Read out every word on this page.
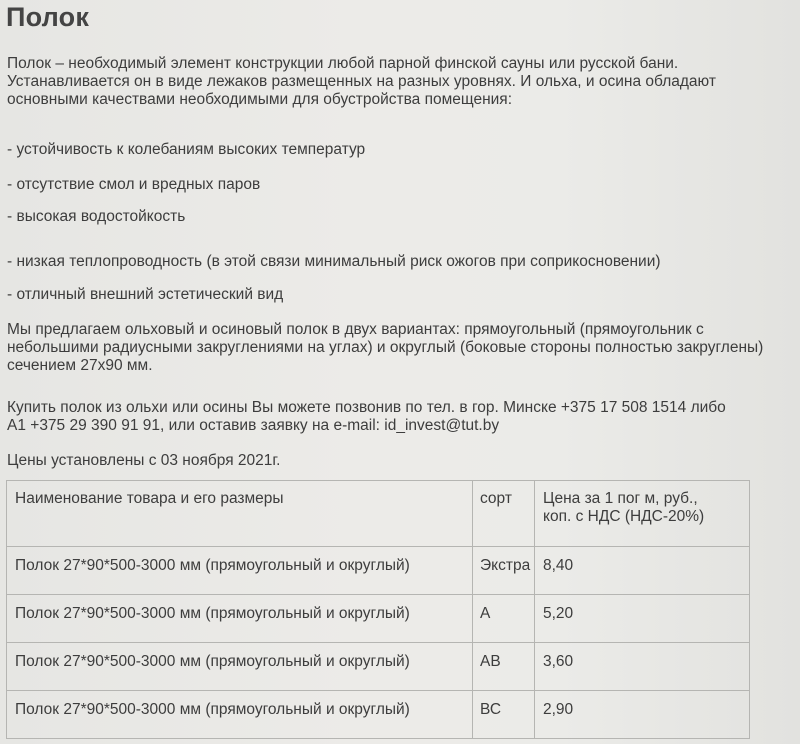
Полок
Полок – необходимый элемент конструкции любой парной финской сауны или русской бани.
Устанавливается он в виде лежаков размещенных на разных уровнях. И ольха, и осина обладают
основными качествами необходимыми для обустройства помещения:
- устойчивость к колебаниям высоких температур
- отсутствие смол и вредных паров
- высокая водостойкость
- низкая теплопроводность (в этой связи минимальный риск ожогов при соприкосновении)
- отличный внешний эстетический вид
Мы предлагаем ольховый и осиновый полок в двух вариантах: прямоугольный (прямоугольник с
небольшими радиусными закруглениями на углах) и округлый (боковые стороны полностью закруглены)
сечением 27x90 мм.
Купить полок из ольхи или осины Вы можете позвонив по тел. в гор. Минске +375 17 508 1514 либо
А1 +375 29 390 91 91, или оставив заявку на e-mail: id_invest@tut.by
Цены установлены с 03 ноября 2021г.
Наименование товара и его размеры	сорт	Цена за 1 пог м, руб.,
коп. с НДС (НДС-20%)

Полок 27*90*500-3000 мм (прямоугольный и округлый)	Экстра	8,40
Полок 27*90*500-3000 мм (прямоугольный и округлый)	А	5,20
Полок 27*90*500-3000 мм (прямоугольный и округлый)	АВ	3,60
Полок 27*90*500-3000 мм (прямоугольный и округлый)	ВС	2,90
